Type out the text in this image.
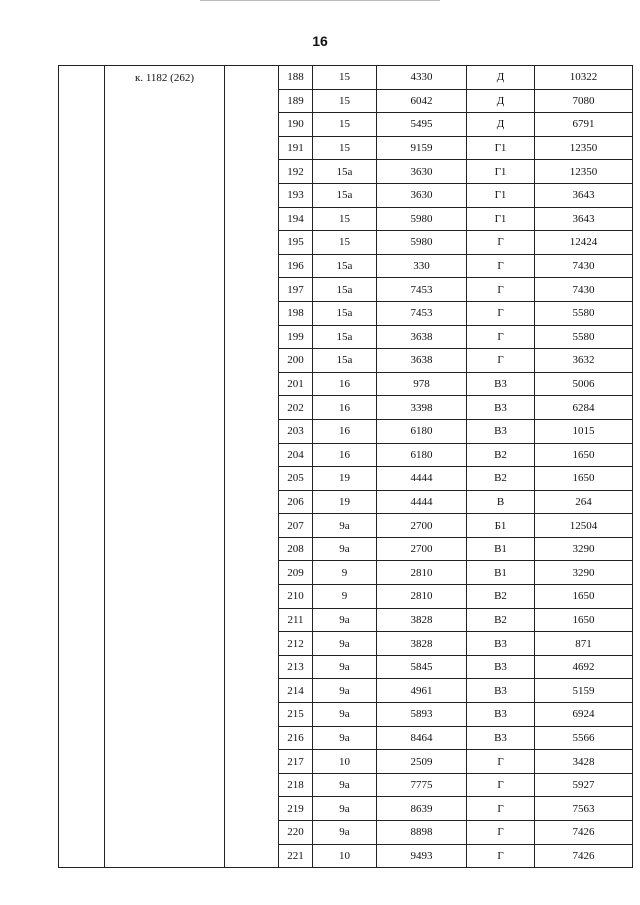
16
	к. 1182 (262)		188	15	4330	Д	10322
			189	15	6042	Д	7080
			190	15	5495	Д	6791
			191	15	9159	Г1	12350
			192	15а	3630	Г1	12350
			193	15а	3630	Г1	3643
			194	15	5980	Г1	3643
			195	15	5980	Г	12424
			196	15а	330	Г	7430
			197	15а	7453	Г	7430
			198	15а	7453	Г	5580
			199	15а	3638	Г	5580
			200	15а	3638	Г	3632
			201	16	978	В3	5006
			202	16	3398	В3	6284
			203	16	6180	В3	1015
			204	16	6180	В2	1650
			205	19	4444	В2	1650
			206	19	4444	В	264
			207	9а	2700	Б1	12504
			208	9а	2700	В1	3290
			209	9	2810	В1	3290
			210	9	2810	В2	1650
			211	9а	3828	В2	1650
			212	9а	3828	В3	871
			213	9а	5845	В3	4692
			214	9а	4961	В3	5159
			215	9а	5893	В3	6924
			216	9а	8464	В3	5566
			217	10	2509	Г	3428
			218	9а	7775	Г	5927
			219	9а	8639	Г	7563
			220	9а	8898	Г	7426
			221	10	9493	Г	7426
